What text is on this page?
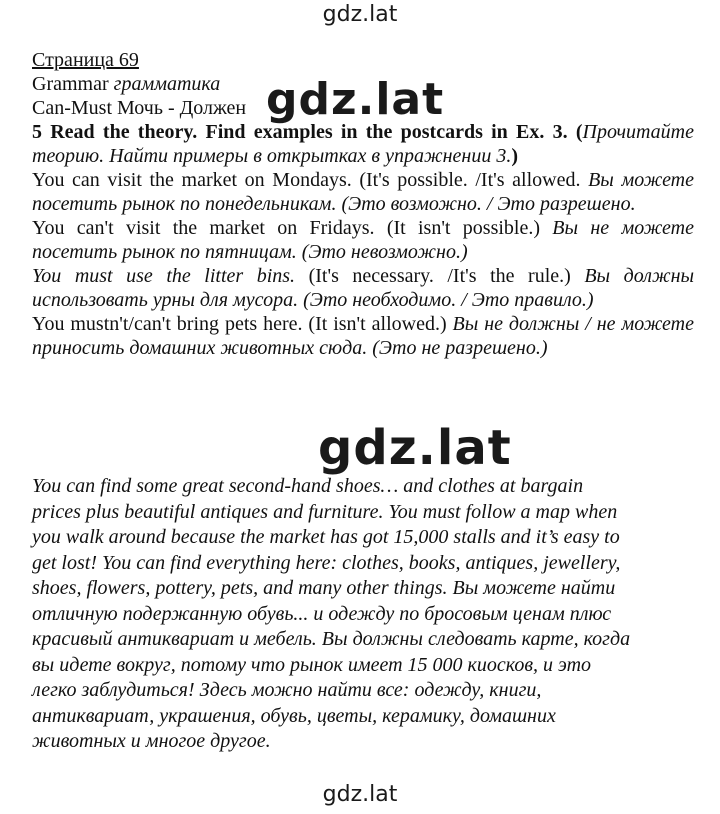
gdz.lat

Страница 69

Grammar грамматика

Can-Must Мочь - Должен

5 Read the theory. Find examples in the postcards in Ex. 3. (Прочитайте теорию. Найти примеры в открытках в упражнении 3.)

You can visit the market on Mondays. (It's possible. /It's allowed. Вы можете посетить рынок по понедельникам. (Это возможно. / Это разрешено.

You can't visit the market on Fridays. (It isn't possible.) Вы не можете посетить рынок по пятницам. (Это невозможно.)

You must use the litter bins. (It's necessary. /It's the rule.) Вы должны использовать урны для мусора. (Это необходимо. / Это правило.)

You mustn't/can't bring pets here. (It isn't allowed.) Вы не должны / не можете приносить домашних животных сюда. (Это не разрешено.)

gdz.lat
gdz.lat

You can find some great second-hand shoes… and clothes at bargain

prices plus beautiful antiques and furniture. You must follow a map when

you walk around because the market has got 15,000 stalls and it’s easy to

get lost! You can find everything here: clothes, books, antiques, jewellery,

shoes, flowers, pottery, pets, and many other things. Вы можете найти

отличную подержанную обувь... и одежду по бросовым ценам плюс

красивый антиквариат и мебель. Вы должны следовать карте, когда

вы идете вокруг, потому что рынок имеет 15 000 киосков, и это

легко заблудиться! Здесь можно найти все: одежду, книги,

антиквариат, украшения, обувь, цветы, керамику, домашних

животных и многое другое.

gdz.lat
